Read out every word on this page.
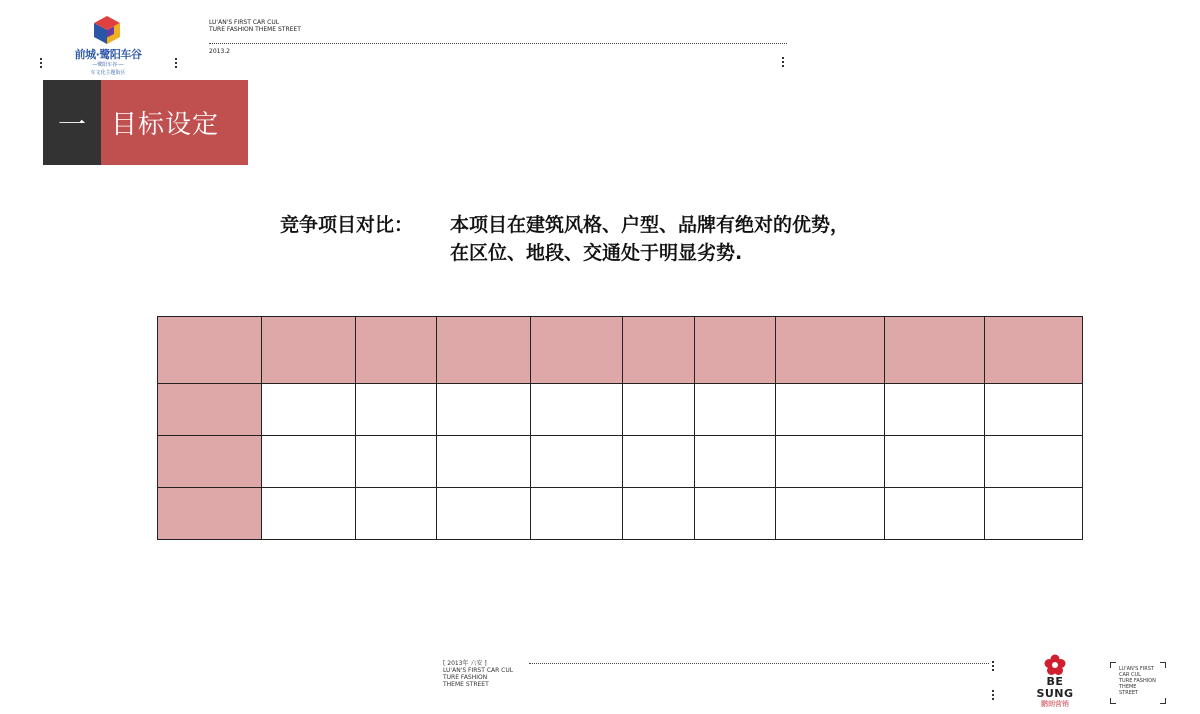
前城·鹭阳车谷
—鹭阳车谷·—
车文化主题街区
LU'AN'S FIRST CAR CUL
TURE FASHION THEME STREET
2013.2
一 目标设定
竞争项目对比：	本项目在建筑风格、户型、品牌有绝对的优势，
在区位、地段、交通处于明显劣势.

[ 2013年 六安 ]
LU'AN'S FIRST CAR CUL
TURE FASHION
THEME STREET	BE SUNG
鹏朗营销
LU'AN'S FIRST
CAR CUL
TURE FASHION
THEME
STREET
